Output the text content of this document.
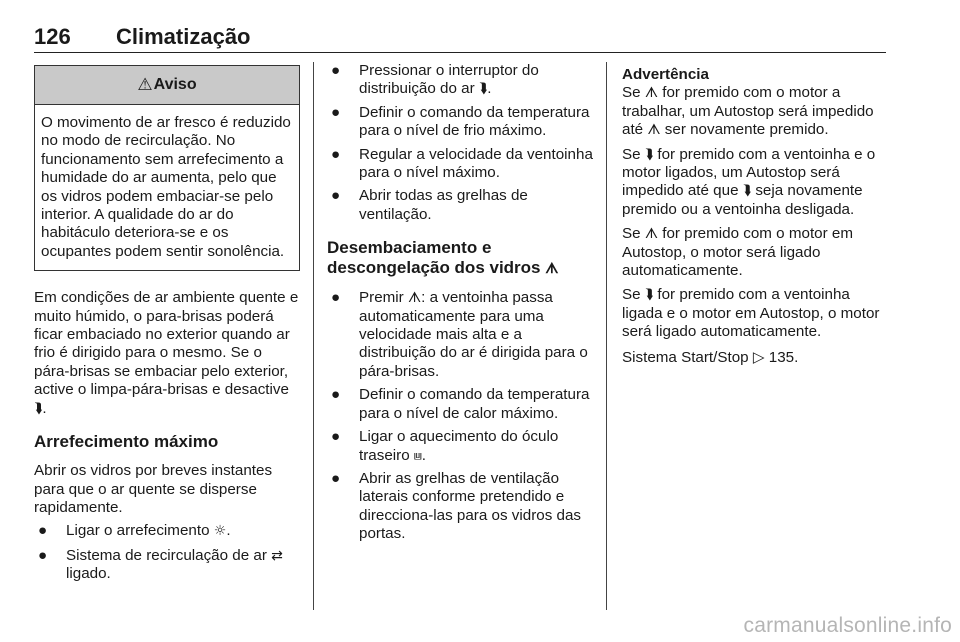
126 Climatização
⚠ Aviso
O movimento de ar fresco é reduzido no modo de recirculação. No funcionamento sem arrefecimento a humidade do ar aumenta, pelo que os vidros podem embaciar-se pelo interior. A qualidade do ar do habitáculo deteriora-se e os ocupantes podem sentir sonolência.

Em condições de ar ambiente quente e muito húmido, o para-brisas poderá ficar embaciado no exterior quando ar frio é dirigido para o mesmo. Se o pára-brisas se embaciar pelo exterior, active o limpa-pára-brisas e desactive ⮯.

Arrefecimento máximo

Abrir os vidros por breves instantes para que o ar quente se disperse rapidamente.

● Ligar o arrefecimento ☼.
● Sistema de recirculação de ar ⇄ ligado.
● Pressionar o interruptor do distribuição do ar ⮯.
● Definir o comando da temperatura para o nível de frio máximo.
● Regular a velocidade da ventoinha para o nível máximo.
● Abrir todas as grelhas de ventilação.
Desembaciamento e descongelação dos vidros ᗑ
● Premir ᗑ: a ventoinha passa automaticamente para uma velocidade mais alta e a distribuição do ar é dirigida para o pára-brisas.
● Definir o comando da temperatura para o nível de calor máximo.
● Ligar o aquecimento do óculo traseiro ⩏.
● Abrir as grelhas de ventilação laterais conforme pretendido e direcciona-las para os vidros das portas.

Advertência

Se ᗑ for premido com o motor a trabalhar, um Autostop será impedido até ᗑ ser novamente premido.

Se ⮯ for premido com a ventoinha e o motor ligados, um Autostop será impedido até que ⮯ seja novamente premido ou a ventoinha desligada.

Se ᗑ for premido com o motor em Autostop, o motor será ligado automaticamente.

Se ⮯ for premido com a ventoinha ligada e o motor em Autostop, o motor será ligado automaticamente.

Sistema Start/Stop ▷ 135.

carmanualsonline.info
